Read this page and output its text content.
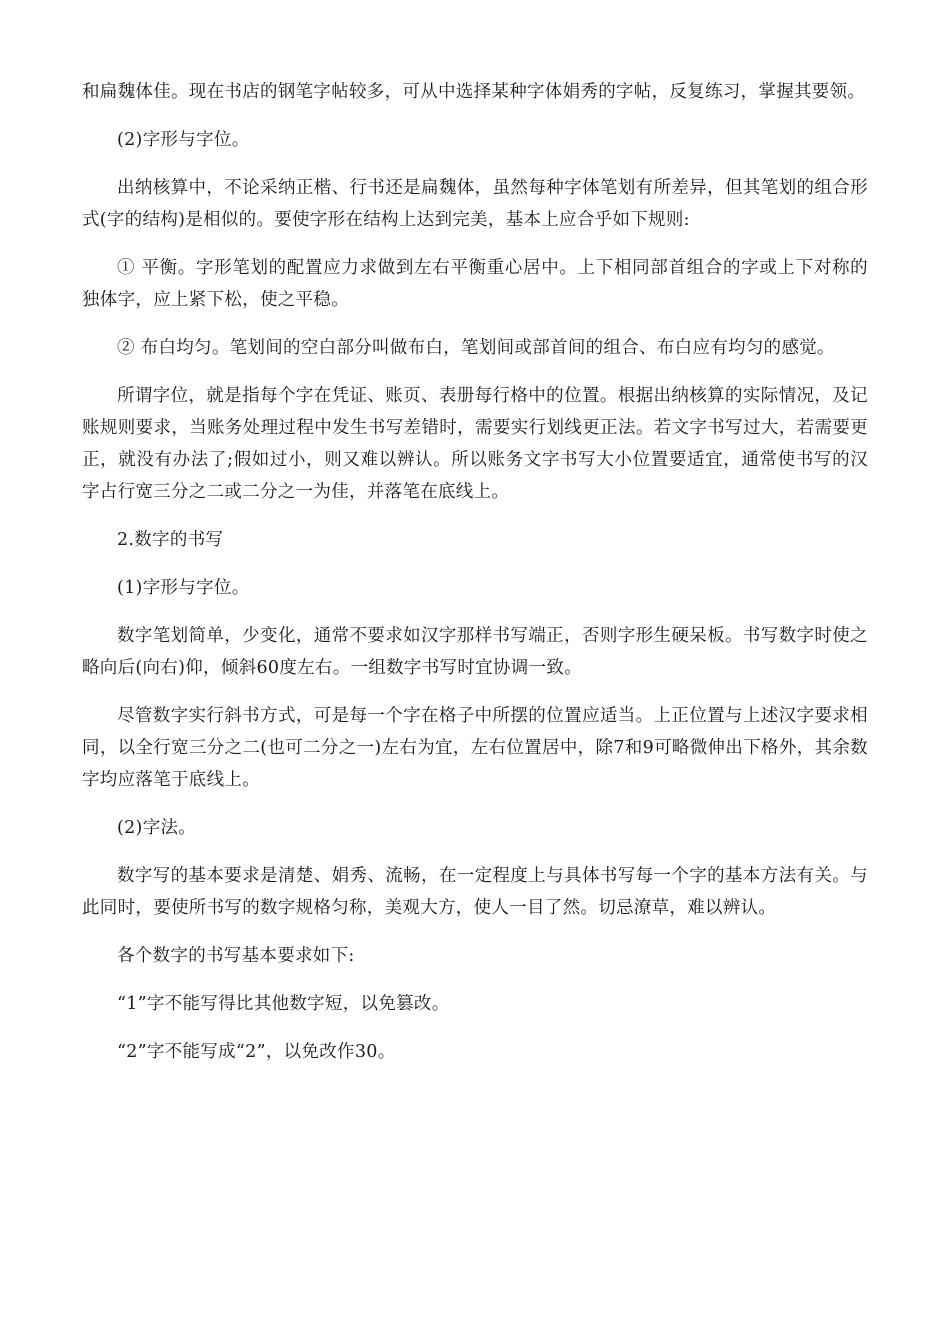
和扁魏体佳。现在书店的钢笔字帖较多，可从中选择某种字体娟秀的字帖，反复练习，掌握其要领。

(2)字形与字位。

出纳核算中，不论采纳正楷、行书还是扁魏体，虽然每种字体笔划有所差异，但其笔划的组合形式(字的结构)是相似的。要使字形在结构上达到完美，基本上应合乎如下规则:

① 平衡。字形笔划的配置应力求做到左右平衡重心居中。上下相同部首组合的字或上下对称的独体字，应上紧下松，使之平稳。

② 布白均匀。笔划间的空白部分叫做布白，笔划间或部首间的组合、布白应有均匀的感觉。

所谓字位，就是指每个字在凭证、账页、表册每行格中的位置。根据出纳核算的实际情况，及记账规则要求，当账务处理过程中发生书写差错时，需要实行划线更正法。若文字书写过大，若需要更正，就没有办法了;假如过小，则又难以辨认。所以账务文字书写大小位置要适宜，通常使书写的汉字占行宽三分之二或二分之一为佳，并落笔在底线上。

2.数字的书写

(1)字形与字位。

数字笔划简单，少变化，通常不要求如汉字那样书写端正，否则字形生硬呆板。书写数字时使之略向后(向右)仰，倾斜60度左右。一组数字书写时宜协调一致。

尽管数字实行斜书方式，可是每一个字在格子中所摆的位置应适当。上正位置与上述汉字要求相同，以全行宽三分之二(也可二分之一)左右为宜，左右位置居中，除7和9可略微伸出下格外，其余数字均应落笔于底线上。

(2)字法。

数字写的基本要求是清楚、娟秀、流畅，在一定程度上与具体书写每一个字的基本方法有关。与此同时，要使所书写的数字规格匀称，美观大方，使人一目了然。切忌潦草，难以辨认。

各个数字的书写基本要求如下:

“1”字不能写得比其他数字短，以免篡改。

“2”字不能写成“2”，以免改作30。
